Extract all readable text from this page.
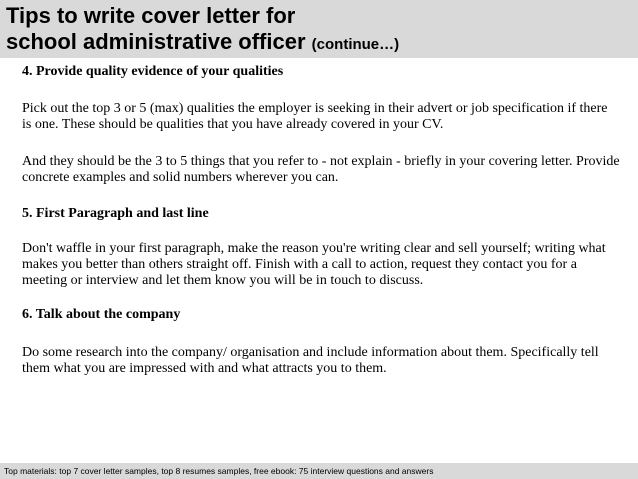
Tips to write cover letter for
school administrative officer (continue…)

4. Provide quality evidence of your qualities

Pick out the top 3 or 5 (max) qualities the employer is seeking in their advert or job specification if there is one. These should be qualities that you have already covered in your CV.

And they should be the 3 to 5 things that you refer to - not explain - briefly in your covering letter. Provide concrete examples and solid numbers wherever you can.

5. First Paragraph and last line

Don't waffle in your first paragraph, make the reason you're writing clear and sell yourself; writing what makes you better than others straight off. Finish with a call to action, request they contact you for a meeting or interview and let them know you will be in touch to discuss.

6. Talk about the company

Do some research into the company/ organisation and include information about them. Specifically tell them what you are impressed with and what attracts you to them.

Top materials: top 7 cover letter samples, top 8 resumes samples, free ebook: 75 interview questions and answers
